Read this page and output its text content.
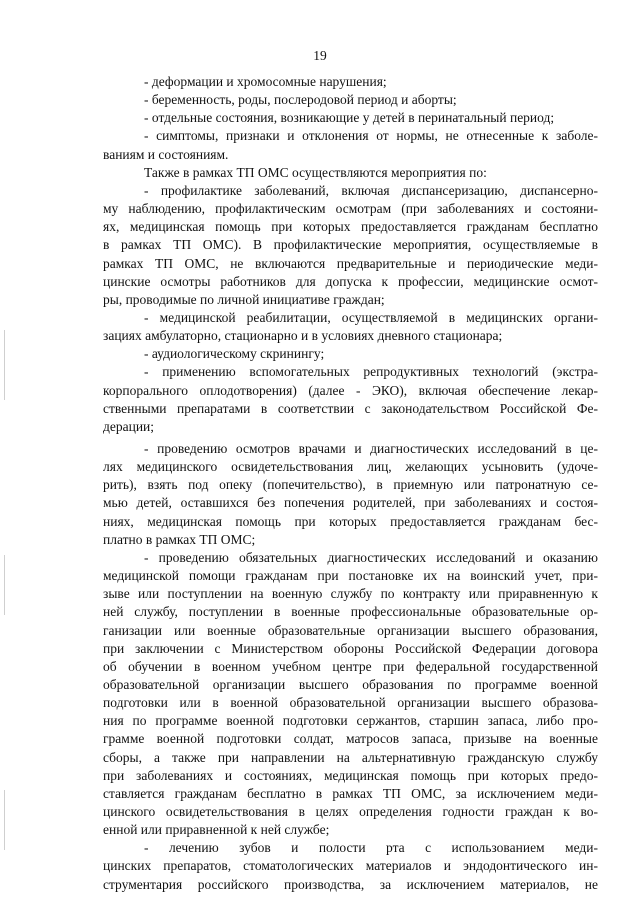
19
- деформации и хромосомные нарушения;
- беременность, роды, послеродовой период и аборты;
- отдельные состояния, возникающие у детей в перинатальный период;
- симптомы, признаки и отклонения от нормы, не отнесенные к заболе-
ваниям и состояниям.
Также в рамках ТП ОМС осуществляются мероприятия по:
- профилактике заболеваний, включая диспансеризацию, диспансерно-
му наблюдению, профилактическим осмотрам (при заболеваниях и состояни-
ях, медицинская помощь при которых предоставляется гражданам бесплатно
в рамках ТП ОМС). В профилактические мероприятия, осуществляемые в
рамках ТП ОМС, не включаются предварительные и периодические меди-
цинские осмотры работников для допуска к профессии, медицинские осмот-
ры, проводимые по личной инициативе граждан;
- медицинской реабилитации, осуществляемой в медицинских органи-
зациях амбулаторно, стационарно и в условиях дневного стационара;
- аудиологическому скринингу;
- применению вспомогательных репродуктивных технологий (экстра-
корпорального оплодотворения) (далее - ЭКО), включая обеспечение лекар-
ственными препаратами в соответствии с законодательством Российской Фе-
дерации;
- проведению осмотров врачами и диагностических исследований в це-
лях медицинского освидетельствования лиц, желающих усыновить (удоче-
рить), взять под опеку (попечительство), в приемную или патронатную се-
мью детей, оставшихся без попечения родителей, при заболеваниях и состоя-
ниях, медицинская помощь при которых предоставляется гражданам бес-
платно в рамках ТП ОМС;
- проведению обязательных диагностических исследований и оказанию
медицинской помощи гражданам при постановке их на воинский учет, при-
зыве или поступлении на военную службу по контракту или приравненную к
ней службу, поступлении в военные профессиональные образовательные ор-
ганизации или военные образовательные организации высшего образования,
при заключении с Министерством обороны Российской Федерации договора
об обучении в военном учебном центре при федеральной государственной
образовательной организации высшего образования по программе военной
подготовки или в военной образовательной организации высшего образова-
ния по программе военной подготовки сержантов, старшин запаса, либо про-
грамме военной подготовки солдат, матросов запаса, призыве на военные
сборы, а также при направлении на альтернативную гражданскую службу
при заболеваниях и состояниях, медицинская помощь при которых предо-
ставляется гражданам бесплатно в рамках ТП ОМС, за исключением меди-
цинского освидетельствования в целях определения годности граждан к во-
енной или приравненной к ней службе;
- лечению зубов и полости рта с использованием меди-
цинских препаратов, стоматологических материалов и эндодонтического ин-
струментария российского производства, за исключением материалов, не
